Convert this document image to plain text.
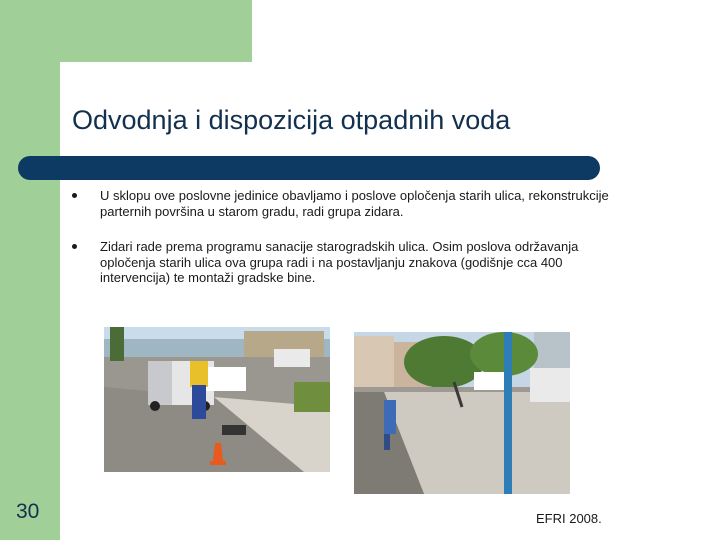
Odvodnja i dispozicija otpadnih voda
U sklopu ove poslovne jedinice obavljamo i poslove opločenja starih ulica, rekonstrukcije parternih površina u starom gradu, radi grupa zidara.
Zidari rade prema programu sanacije starogradskih ulica. Osim poslova održavanja opločenja starih ulica ova grupa radi i na postavljanju znakova (godišnje cca 400 intervencija) te montaži gradske bine.
30	EFRI 2008.
